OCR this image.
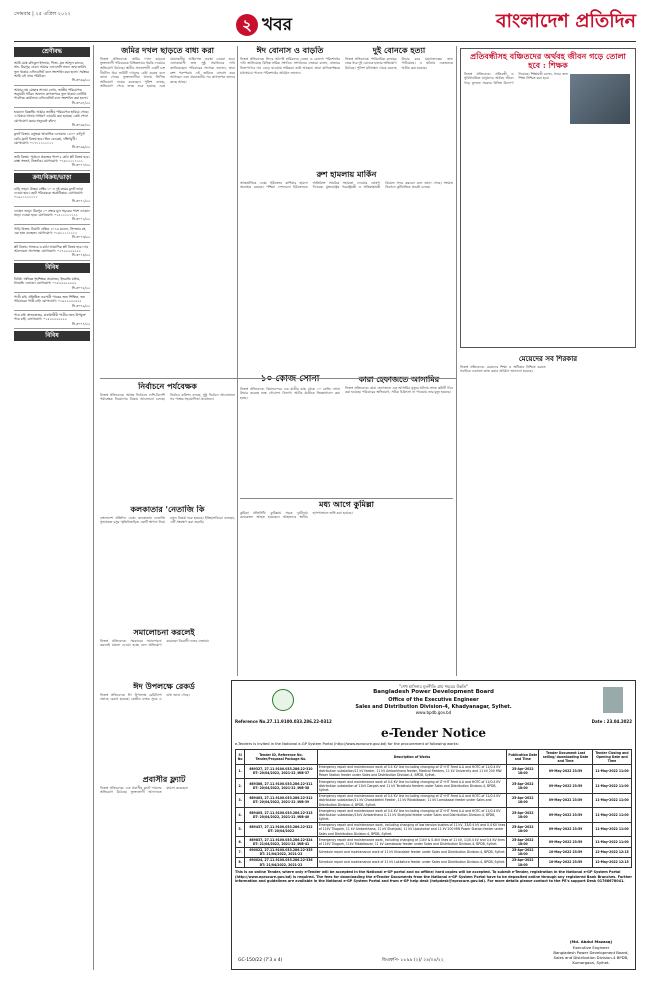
সোমবার | ২৫ এপ্রিল ২০২২
২ খবর	বাংলাদেশ প্রতিদিন
শ্রেণীবদ্ধ

আমি মোঃ রফিকুল ইসলাম, পিতা- মৃত আব্দুল কাদের, সাং- মিরপুর, ঢাকা। আমার এসএসসি সনদে জন্ম তারিখ ভুল থাকায় এফিডেভিট বলে সংশোধন করা হলো। সর্বস্তরে আমি এই নামে পরিচিত।

সি-৩০৬৬/২২

আমার নাম মোছাঃ সালমা বেগম, জাতীয় পরিচয়পত্র অনুযায়ী সঠিক। অন্যান্য কাগজপত্রে ভুল থাকায় নোটারি পাবলিক কার্যালয়ে এফিডেভিট বলে সংশোধন করা হলো।

সি-৩০৬৭/২২

হারানো বিজ্ঞপ্তি: আমার জাতীয় পরিচয়পত্র হারিয়ে গেছে। এ বিষয়ে থানায় সাধারণ ডায়েরি করা হয়েছে। কেউ পেলে যোগাযোগ করার অনুরোধ রইল।

সি-৩০৬৮/২২

ফ্ল্যাট বিক্রয়: বসুন্ধরা আবাসিক এলাকায় ১৪০০ বর্গফুট রেডি ফ্ল্যাট বিক্রয় হবে। তিন বেডরুম, দক্ষিণমুখী। যোগাযোগ: ০১৭১১১১১১১১

সি-৩০৬৯/২২

জমি বিক্রয়: পূর্বাচল প্রকল্পের পাশে ৫ কাঠা প্লট বিক্রয় হবে। রাস্তা সংলগ্ন, নিষ্কণ্টক। যোগাযোগ: ০১৮১১১১১১১১

সি-৩০৭০/২২
ক্রয়/বিক্রয়/ভাড়া

বাড়ি ভাড়া: উত্তরা সেক্টর ১০ এ দুই রুমের ফ্ল্যাট ভাড়া দেওয়া হবে। ছোট পরিবারকে অগ্রাধিকার। যোগাযোগ: ০১৯১১১১১১১১

সি-৩০৭১/২২

দোকান ভাড়া: মিরপুর ১০ নম্বরে মূল সড়কের পাশে দোকান ভাড়া দেওয়া হবে। যোগাযোগ: ০১৫১১১১১১১১

সি-৩০৭২/২২

গাড়ি বিক্রয়: টয়োটা এক্সিও ২০১৬ মডেল, সিলভার রং, এক হাত ব্যবহৃত। যোগাযোগ: ০১৬১১১১১১১১

সি-৩০৭৩/২২

প্লট বিক্রয়: সাভারে ৩ কাঠা আবাসিক প্লট বিক্রয় হবে। দাম আলোচনা সাপেক্ষে। যোগাযোগ: ০১৭২২২২২২২২

সি-৩০৭৪/২২
বিবিধ

বিবিধ: অভিজ্ঞ গৃহশিক্ষক প্রয়োজন, ইংরেজি মাধ্যম, ধানমন্ডি এলাকা। যোগাযোগ: ০১৮২২২২২২২২

সি-৩০৭৫/২২

পাত্রী চাই: প্রতিষ্ঠিত ব্যবসায়ী পাত্রের জন্য শিক্ষিত, ভদ্র পরিবারের পাত্রী চাই। যোগাযোগ: ০১৯২২২২২২২২

সি-৩০৭৬/২২

পাত্র চাই: স্নাতকোত্তর, চাকরিজীবী পাত্রীর জন্য উপযুক্ত পাত্র চাই। যোগাযোগ: ০১৫২২২২২২২২

সি-৩০৭৭/২২
বিবিধ
জমির দখল ছাড়তে বাধ্য করা
নিজস্ব প্রতিবেদক: জমির দখল ছাড়তে ভুক্তভোগী পরিবারকে বিভিন্নভাবে হুমকি দেওয়ার অভিযোগ উঠেছে। স্থানীয় প্রভাবশালী একটি চক্র দীর্ঘদিন ধরে জমিটি দখলের চেষ্টা করছে বলে জানা গেছে। ভুক্তভোগীরা থানায় লিখিত অভিযোগ দায়ের করেছেন। পুলিশ বলছে, অভিযোগ পেয়ে তদন্ত শুরু হয়েছে এবং প্রয়োজনীয় আইনগত ব্যবস্থা নেওয়া হবে। এলাকাবাসী দ্রুত সুষ্ঠু সমাধানের দাবি জানিয়েছেন। পরিবারের সদস্যরা জানান, তারা বংশ পরম্পরায় এই জমিতে বসবাস করে আসছেন এবং প্রয়োজনীয় সব কাগজপত্র তাদের কাছে আছে।
ঈদ বোনাস ও বাড়তি
নিজস্ব প্রতিবেদক: ঈদের আগেই শ্রমিকদের বেতন ও বোনাস পরিশোধের দাবি জানিয়েছে বিভিন্ন শ্রমিক সংগঠন। সংগঠনের নেতারা বলেন, বাজারে নিত্যপণ্যের দাম বেড়ে যাওয়ায় শ্রমিকরা কষ্টে আছেন। তারা মালিকপক্ষকে যথাসময়ে পাওনা পরিশোধের আহ্বান জানান।
দুই বোনকে হত্যা
নিজস্ব প্রতিবেদক: পারিবারিক কলহের জের ধরে দুই বোনকে হত্যার অভিযোগ উঠেছে। পুলিশ ঘটনাস্থল থেকে মরদেহ উদ্ধার করে ময়নাতদন্তের জন্য পাঠিয়েছে। এ ঘটনায় একজনকে আটক করা হয়েছে।
রুশ হামলায় মার্কিন
আন্তর্জাতিক ডেস্ক: ইউক্রেনে রাশিয়ার হামলা অব্যাহত রয়েছে। পশ্চিমা দেশগুলো ইউক্রেনকে অতিরিক্ত সামরিক সহায়তা দেওয়ার ঘোষণা দিয়েছে। যুক্তরাষ্ট্রের পররাষ্ট্রমন্ত্রী ও প্রতিরক্ষামন্ত্রী কিয়েভ সফর করবেন বলে জানা গেছে। সংঘাত নিরসনে কূটনৈতিক প্রচেষ্টা চলছে।
প্রতিবন্ধীসহ বঞ্চিতদের অর্থবহ জীবন গড়ে তোলা হবে : শিক্ষক
নিজস্ব প্রতিবেদক: প্রতিবন্ধী ও সুবিধাবঞ্চিত মানুষদের অর্থবহ জীবন গড়ে তুলতে সরকার বিভিন্ন উদ্যোগ নিয়েছে। শিক্ষামন্ত্রী বলেন, সবার জন্য শিক্ষা নিশ্চিত করা হবে।
মেয়েদের সব শিরকার
নিজস্ব প্রতিবেদক: মেয়েদের শিক্ষা ও অধিকার নিশ্চিত করতে সবাইকে একসঙ্গে কাজ করার আহ্বান জানানো হয়েছে।
১০ কেজি সোনা
নিজস্ব প্রতিবেদক: বিমানবন্দরে এক যাত্রীর কাছ থেকে ১০ কেজি সোনা উদ্ধার করেছে শুল্ক গোয়েন্দা বিভাগ। আটক যাত্রীকে জিজ্ঞাসাবাদ করা হচ্ছে।
কারা হেফাজতে আসামির
নিজস্ব প্রতিবেদক: কারা হেফাজতে এক আসামির মৃত্যুর ঘটনায় তদন্ত কমিটি গঠন করা হয়েছে। পরিবারের অভিযোগ, সঠিক চিকিৎসা না পাওয়ায় তার মৃত্যু হয়েছে।
নির্বাচনে পর্যবেক্ষক
নিজস্ব প্রতিবেদক: আসন্ন নির্বাচনে দেশি-বিদেশি পর্যবেক্ষক নিয়োগের বিষয়ে আলোচনা চলছে। নির্বাচন কমিশন বলছে, সুষ্ঠু নির্বাচন আয়োজনে সব পক্ষের সহযোগিতা প্রয়োজন।
কলকাতার 'নেতাজি কি
বাংলাদেশ প্রতিদিন ডেস্ক: কলকাতায় নেতাজি সুভাষচন্দ্র বসুর স্মৃতিবিজড়িত একটি স্থাপনা নিয়ে নতুন বিতর্ক শুরু হয়েছে। ইতিহাসবিদরা বলছেন, এটি সংরক্ষণ করা জরুরি।
মধ্য আগে কুমিল্লা
কুমিল্লা প্রতিনিধি: কুমিল্লায় সড়ক দুর্ঘটনায় কয়েকজন আহত হয়েছেন। আহতদের স্থানীয় হাসপাতালে ভর্তি করা হয়েছে।
সমালোচনা করলেই
নিজস্ব প্রতিবেদক: সরকারের সমালোচনা করলেই মামলা দেওয়া হচ্ছে বলে অভিযোগ করেছেন বিরোধী দলের নেতারা।
ঈদ উপলক্ষে রেকর্ড
নিজস্ব প্রতিবেদক: ঈদ উপলক্ষে রেমিট্যান্স প্রবাহে রেকর্ড হয়েছে। কেন্দ্রীয় ব্যাংক সূত্রে এ তথ্য জানা গেছে।
প্রবাসীর ফ্ল্যাট
নিজস্ব প্রতিবেদক: এক প্রবাসীর ফ্ল্যাট দখলের অভিযোগ উঠেছে। ভুক্তভোগী আদালতে মামলা করেছেন।
"শেখ হাসিনার মূলনীতি গ্রাম শহরের উন্নতি"
Bangladesh Power Development Board
Office of the Executive Engineer
Sales and Distribution Division-4, Khadyanagar, Sylhet.
www.bpdb.gov.bd
Reference No.27.11.9100.033.286.22-0312	Date : 23.04.2022
e-Tender Notice
e-Tenders is invited in the National e-GP System Portal (http://www.eprocure.gov.bd) for the procurement of following works:
Sl No	Tender ID, Reference No. Tender/Proposal Package No.	Description of Works	Publication Date and Time	Tender Document Last selling/ downloading Date and Time	Tender Closing and Opening Date and Time
1.	689327, 27.11.9100.033.286.22-310 DT: 20/04/2022, 2021-22 /WB-37	Emergency repair and maintenance work of 0.4 KV line including changing of LT+HT Feed A.A and HOTC of 11/0.4 KV distribution substation/11 kV feeder, 11 kV Ambarkhana feeder, Medical Feeders, 11 kV Univercity and 11 kV 200 MW Power Station feeder under Sales and Distribution Division-4, BPDB, Sylhet.	25-Apr-2022 18:00	09-May-2022 23:59	11-May-2022 11:00
2.	689386, 27.11.9100.033.286.22-311 DT: 20/04/2022, 2021-22 /WB-38	Emergency repair and maintenance work of 0.4 KV line including changing of LT+HT Feed A.A and HOTC of 11/0.4 KV distribution substation of 11kV Dargah and 11 kV Terakhola feeders under Sales and Distribution Division-4, BPDB, Sylhet.	25-Apr-2022 18:00	09-May-2022 23:59	11-May-2022 11:00
3.	689403, 27.11.9100.033.286.22-312 DT: 20/04/2022, 2021-22 /WB-39	Emergency repair and maintenance work of 0.4 KV line including changing of LT+HT Feed A.A and HOTC of 11/0.4 KV distribution substation/11 kV Chowkidekhi Feeder, 11 kV Rikabibazar, 11 kV Lamabazar feeder under Sales and Distribution Division-4, BPDB, Sylhet.	25-Apr-2022 18:00	09-May-2022 23:59	11-May-2022 11:00
4.	689405, 27.11.9100.033.286.22-313 DT: 20/04/2022, 2021-22 /WB-40	Emergency repair and maintenance work of 0.4 KV line including changing of LT+HT Feed A.A and HOTC of 11/0.4 KV distribution substation/11kV Ambarkhana & 11 kV Shahjalal feeder under Sales and Distribution Division-4, BPDB, Sylhet.	25-Apr-2022 18:00	09-May-2022 23:59	11-May-2022 11:00
5.	689437, 27.11.9100.033.286.22-322 DT: 20/04/2022	Emergency repair and maintenance work, including changing of low tension bushes of 11 kV, 33/0.4 kV and 0.4 KV lines of 11kV Tilagarh, 11 kV Amberkhana, 11 kV Shahjalal, 11 kV Uposhohor and 11 kV 200 MW Power Station feeder under Sales and Distribution Division-4, BPDB, Sylhet.	25-Apr-2022 18:00	09-May-2022 23:59	11-May-2022 11:00
6.	689837, 27.11.9100.033.286.22-324 DT: 21/04/2022, 2021-22 /WB-41	Emergency repair and maintenance work, including changing of 11kV & 0.4kV lines of 11 kV, 11/0.4 kV and 0.4 KV lines of 11kV Tilagarh, 11kV Rikabibazar, 11 kV Lamabazar feeder under Sales and Distribution Division-4, BPDB, Sylhet.	25-Apr-2022 18:00	09-May-2022 23:59	11-May-2022 11:00
7.	690022, 27.11.9100.033.286.22-335 DT: 21/04/2022, 2021-22	Schedule repair and maintenance work of 11 kV Khasdabir feeder under Sales and Distribution Division-4, BPDB, Sylhet.	25-Apr-2022 18:00	10-May-2022 23:59	12-May-2022 12:15
8.	690024, 27.11.9100.033.286.22-336 DT: 21/04/2022, 2021-22	Schedule repair and maintenance work of 11 kV Lakkatura feeder under Sales and Distribution Division-4, BPDB, Sylhet.	25-Apr-2022 18:00	10-May-2022 23:59	12-May-2022 12:15
This is an online Tender, where only e-Tender will be accepted in the National e-GP portal and no offline/ hard copies will be accepted. To submit e-Tender, registration in the National e-GP System Portal (http://www.eprocure.gov.bd) is required. The fees for downloading the e-Tender Documents from the National e-GP System Portal have to be deposited online through any registered Bank Branches. Further information and guidelines are available in the National e-GP System Portal and from e-GP help desk (helpdesk@eprocure.gov.bd). For more details please contact to the PE's support Desk 01766678041.
GC-150/22 (7'3 x 4)	ডিএফপি- ৮৮৯৯ (২)/ ২৪/০৪/২২
(Md. Abdul Mazzaq)
Executive Engineer
Bangladesh Power Development Board, Sales and Distribution Division-4 BPDB, Kumargaon, Sylhet.
